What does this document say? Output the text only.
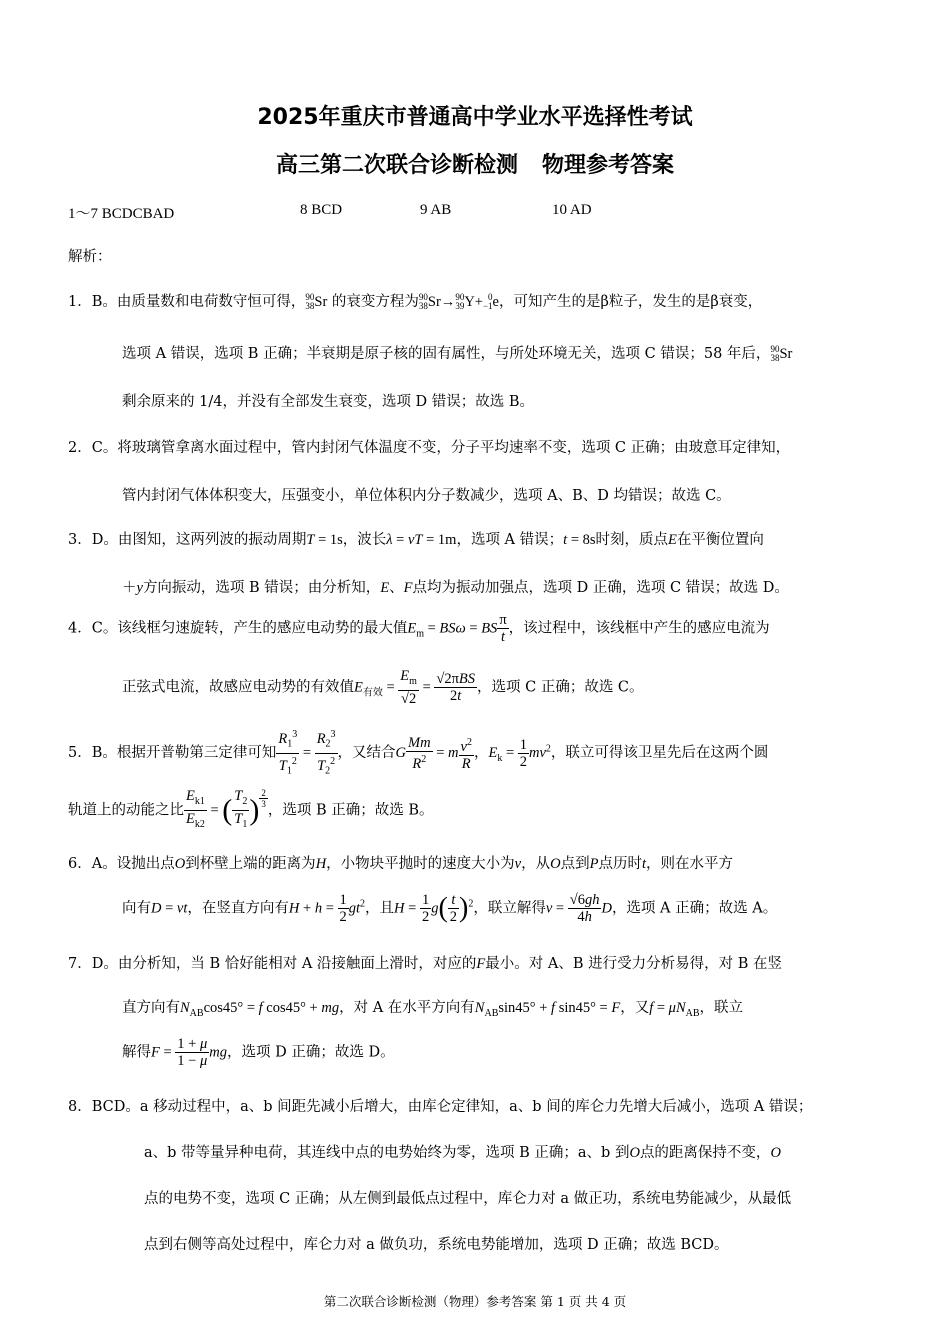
2025年重庆市普通高中学业水平选择性考试
高三第二次联合诊断检测 物理参考答案
1～7 BCDCBAD	8 BCD	9 AB	10 AD
解析：
1．B。由质量数和电荷数守恒可得，90
38Sr 的衰变方程为90
38Sr→90
39Y+ 0
−1e，可知产生的是β粒子，发生的是β衰变，
选项 A 错误，选项 B 正确；半衰期是原子核的固有属性，与所处环境无关，选项 C 错误；58 年后，90
38Sr
剩余原来的 1/4，并没有全部发生衰变，选项 D 错误；故选 B。
2．C。将玻璃管拿离水面过程中，管内封闭气体温度不变，分子平均速率不变，选项 C 正确；由玻意耳定律知，
管内封闭气体体积变大，压强变小，单位体积内分子数减少，选项 A、B、D 均错误；故选 C。
3．D。由图知，这两列波的振动周期T = 1s，波长λ = vT = 1m，选项 A 错误；t = 8s时刻，质点E在平衡位置向
＋y方向振动，选项 B 错误；由分析知，E、F点均为振动加强点，选项 D 正确，选项 C 错误；故选 D。
4．C。该线框匀速旋转，产生的感应电动势的最大值$E_m = BS\omega$ = BS $\frac{\pi}{t}$ ，该过程中，该线框中产生的感应电流为
正弦式电流，故感应电动势的有效值$E_{有效} = \frac{E_m}{√2} = \frac{\text{√2πBS}}{2t}$ ，选项 C 正确；故选 C。
5．B。根据开普勒第三定律可知 $\frac{R_1^3}{T_1^2} = \frac{R_2^3}{T_2^2}$ ，又结合G $\frac{Mm}{R^2} = m \frac{v^2}{R}$ ，$E_k = \frac{1}{2} mv^2$，联立可得该卫星先后在这两个圆
轨道上的动能之比 $\frac{E_{k1}}{E_{k2}}$ = ( $\frac{T_2}{T_1}$ ) $^{\frac{2}{3}}$
，选项 B 正确；故选 B。
6．A。设抛出点O到杯壁上端的距离为H，小物块平抛时的速度大小为v，从O点到P点历时t，则在水平方
向有D = vt，在竖直方向有$H + h = \frac{1}{2} gt^2$，且$H = \frac{1}{2} g( \frac{t}{2} )^2$，联立解得$v = \frac{√6gh}{4h}$ D，选项 A 正确；故选 A。
7．D。由分析知，当 B 恰好能相对 A 沿接触面上滑时，对应的F最小。对 A、B 进行受力分析易得，对 B 在竖
直方向有$N_{AB}\cos 45^\circ = f$ cos45° + mg，对 A 在水平方向有$N_{AB}\sin 45^\circ + f$ sin45° = F，又$f = \mu N_{AB}$，联立
解得$F = \frac{1 + \mu}{1 - \mu}$ mg，选项 D 正确；故选 D。
8．BCD。a 移动过程中，a、b 间距先减小后增大，由库仑定律知，a、b 间的库仑力先增大后减小，选项 A 错误；
a、b 带等量异种电荷，其连线中点的电势始终为零，选项 B 正确；a、b 到O点的距离保持不变，O
点的电势不变，选项 C 正确；从左侧到最低点过程中，库仑力对 a 做正功，系统电势能减少，从最低
点到右侧等高处过程中，库仑力对 a 做负功，系统电势能增加，选项 D 正确；故选 BCD。
第二次联合诊断检测（物理）参考答案 第 1 页 共 4 页
